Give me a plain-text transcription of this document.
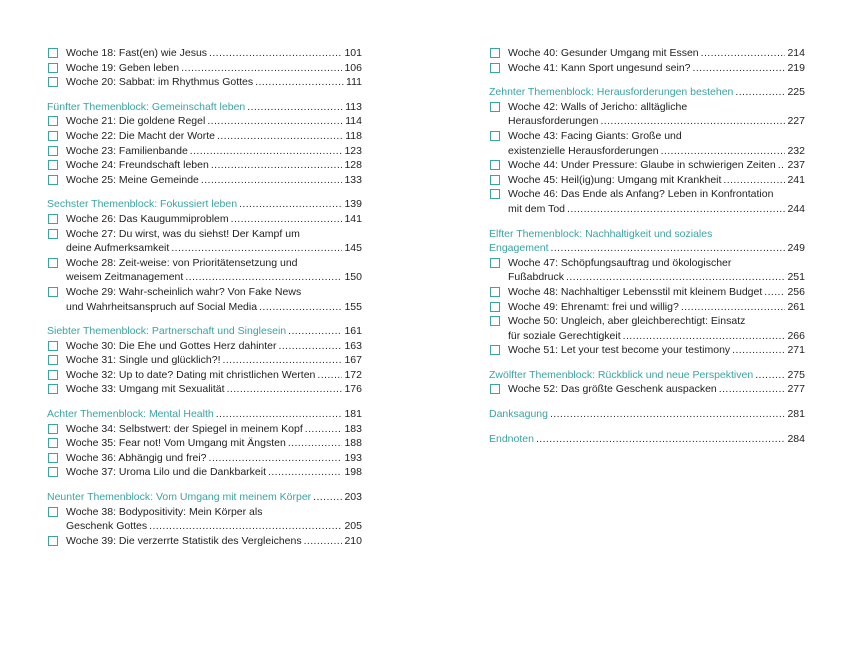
Woche 18: Fast(en) wie Jesus .....	101
Woche 19: Geben leben .....	106
Woche 20: Sabbat: im Rhythmus Gottes .....	111
Fünfter Themenblock: Gemeinschaft leben .....	113
Woche 21: Die goldene Regel .....	114
Woche 22: Die Macht der Worte .....	118
Woche 23: Familienbande .....	123
Woche 24: Freundschaft leben .....	128
Woche 25: Meine Gemeinde .....	133
Sechster Themenblock: Fokussiert leben .....	139
Woche 26: Das Kaugummiproblem .....	141
Woche 27: Du wirst, was du siehst! Der Kampf um
deine Aufmerksamkeit .....	145
Woche 28: Zeit-weise: von Prioritätensetzung und
weisem Zeitmanagement .....	150
Woche 29: Wahr-scheinlich wahr? Von Fake News
und Wahrheitsanspruch auf Social Media .....	155
Siebter Themenblock: Partnerschaft und Singlesein .....	161
Woche 30: Die Ehe und Gottes Herz dahinter .....	163
Woche 31: Single und glücklich?! .....	167
Woche 32: Up to date? Dating mit christlichen Werten .....	172
Woche 33: Umgang mit Sexualität .....	176
Achter Themenblock: Mental Health .....	181
Woche 34: Selbstwert: der Spiegel in meinem Kopf .....	183
Woche 35: Fear not! Vom Umgang mit Ängsten .....	188
Woche 36: Abhängig und frei? .....	193
Woche 37: Uroma Lilo und die Dankbarkeit .....	198
Neunter Themenblock: Vom Umgang mit meinem Körper .....	203
Woche 38: Bodypositivity: Mein Körper als
Geschenk Gottes .....	205
Woche 39: Die verzerrte Statistik des Vergleichens .....	210
Woche 40: Gesunder Umgang mit Essen .....	214
Woche 41: Kann Sport ungesund sein? .....	219
Zehnter Themenblock: Herausforderungen bestehen .....	225
Woche 42: Walls of Jericho: alltägliche
Herausforderungen .....	227
Woche 43: Facing Giants: Große und
existenzielle Herausforderungen .....	232
Woche 44: Under Pressure: Glaube in schwierigen Zeiten ..... 237
Woche 45: Heil(ig)ung: Umgang mit Krankheit .....	241
Woche 46: Das Ende als Anfang? Leben in Konfrontation
mit dem Tod .....	244
Elfter Themenblock: Nachhaltigkeit und soziales
Engagement .....	249
Woche 47: Schöpfungsauftrag und ökologischer
Fußabdruck .....	251
Woche 48: Nachhaltiger Lebensstil mit kleinem Budget ..... 256
Woche 49: Ehrenamt: frei und willig? .....	261
Woche 50: Ungleich, aber gleichberechtigt: Einsatz
für soziale Gerechtigkeit .....	266
Woche 51: Let your test become your testimony .....	271
Zwölfter Themenblock: Rückblick und neue Perspektiven .....	275
Woche 52: Das größte Geschenk auspacken .....	277
Danksagung .....	281
Endnoten .....	284
